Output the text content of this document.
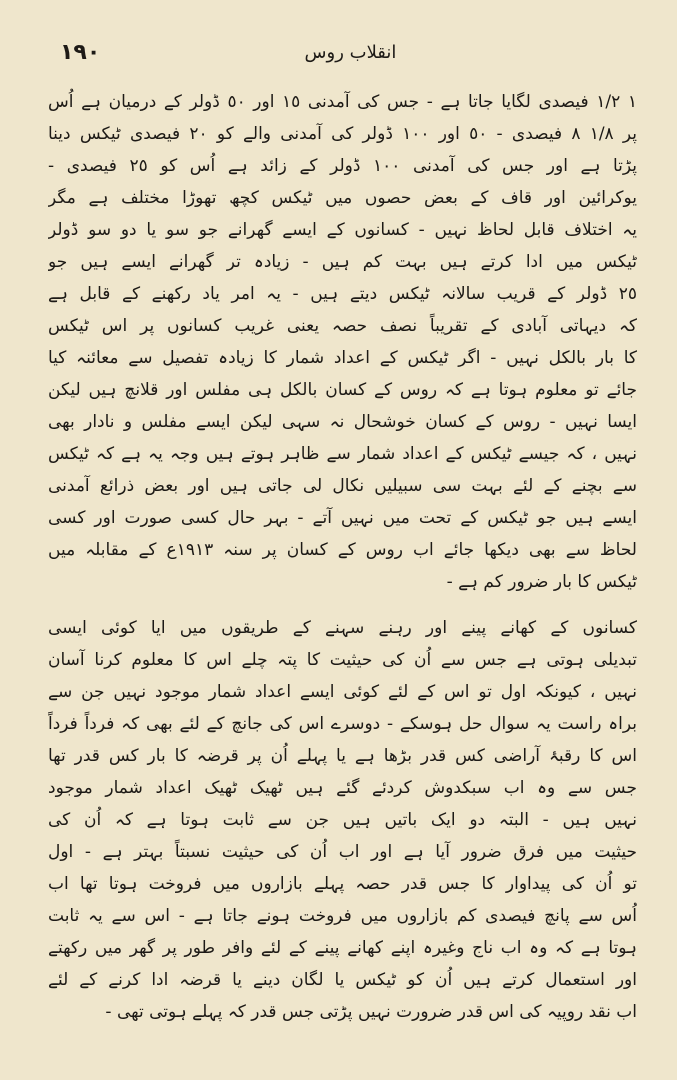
١٩٠	انقلاب روس
١ ١/٢ فیصدی لگایا جاتا ہے - جس کی آمدنی ١٥ اور ٥٠ ڈولر کے درمیان ہے اُس
پر ١/٨ ٨ فیصدی - ٥٠ اور ١٠٠ ڈولر کی آمدنی والے کو ٢٠ فیصدی ٹیکس دینا
پڑتا ہے اور جس کی آمدنی ١٠٠ ڈولر کے زائد ہے اُس کو ٢٥ فیصدی -
یوکرائین اور قاف کے بعض حصوں میں ٹیکس کچھ تھوڑا مختلف ہے مگر
یہ اختلاف قابل لحاظ نہیں - کسانوں کے ایسے گھرانے جو سو یا دو سو ڈولر
ٹیکس میں ادا کرتے ہیں بہت کم ہیں - زیادہ تر گھرانے ایسے ہیں جو
٢٥ ڈولر کے قریب سالانہ ٹیکس دیتے ہیں - یہ امر یاد رکھنے کے قابل ہے
کہ دیہاتی آبادی کے تقریباً نصف حصہ یعنی غریب کسانوں پر اس ٹیکس
کا بار بالکل نہیں - اگر ٹیکس کے اعداد شمار کا زیادہ تفصیل سے معائنہ کیا
جائے تو معلوم ہوتا ہے کہ روس کے کسان بالکل ہی مفلس اور قلانچ ہیں لیکن
ایسا نہیں - روس کے کسان خوشحال نہ سہی لیکن ایسے مفلس و نادار بھی
نہیں ، کہ جیسے ٹیکس کے اعداد شمار سے ظاہر ہوتے ہیں وجہ یہ ہے کہ ٹیکس
سے بچنے کے لئے بہت سی سبیلیں نکال لی جاتی ہیں اور بعض ذرائع آمدنی
ایسے ہیں جو ٹیکس کے تحت میں نہیں آتے - بہر حال کسی صورت اور کسی
لحاظ سے بھی دیکھا جائے اب روس کے کسان پر سنہ ١٩١٣ع کے مقابلہ میں
ٹیکس کا بار ضرور کم ہے -
کسانوں کے کھانے پینے اور رہنے سہنے کے طریقوں میں ایا کوئی ایسی
تبدیلی ہوتی ہے جس سے اُن کی حیثیت کا پتہ چلے اس کا معلوم کرنا آسان
نہیں ، کیونکہ اول تو اس کے لئے کوئی ایسے اعداد شمار موجود نہیں جن سے
براہ راست یہ سوال حل ہوسکے - دوسرے اس کی جانچ کے لئے بھی کہ فرداً فرداً
اس کا رقبۂ آراضی کس قدر بڑھا ہے یا پہلے اُن پر قرضہ کا بار کس قدر تھا
جس سے وہ اب سبکدوش کردئے گئے ہیں ٹھیک ٹھیک اعداد شمار موجود
نہیں ہیں - البتہ دو ایک باتیں ہیں جن سے ثابت ہوتا ہے کہ اُن کی
حیثیت میں فرق ضرور آیا ہے اور اب اُن کی حیثیت نسبتاً بہتر ہے - اول
تو اُن کی پیداوار کا جس قدر حصہ پہلے بازاروں میں فروخت ہوتا تھا اب
اُس سے پانچ فیصدی کم بازاروں میں فروخت ہونے جاتا ہے - اس سے یہ ثابت
ہوتا ہے کہ وہ اب ناج وغیرہ اپنے کھانے پینے کے لئے وافر طور پر گھر میں رکھتے
اور استعمال کرتے ہیں اُن کو ٹیکس یا لگان دینے یا قرضہ ادا کرنے کے لئے
اب نقد روپیہ کی اس قدر ضرورت نہیں پڑتی جس قدر کہ پہلے ہوتی تھی -
